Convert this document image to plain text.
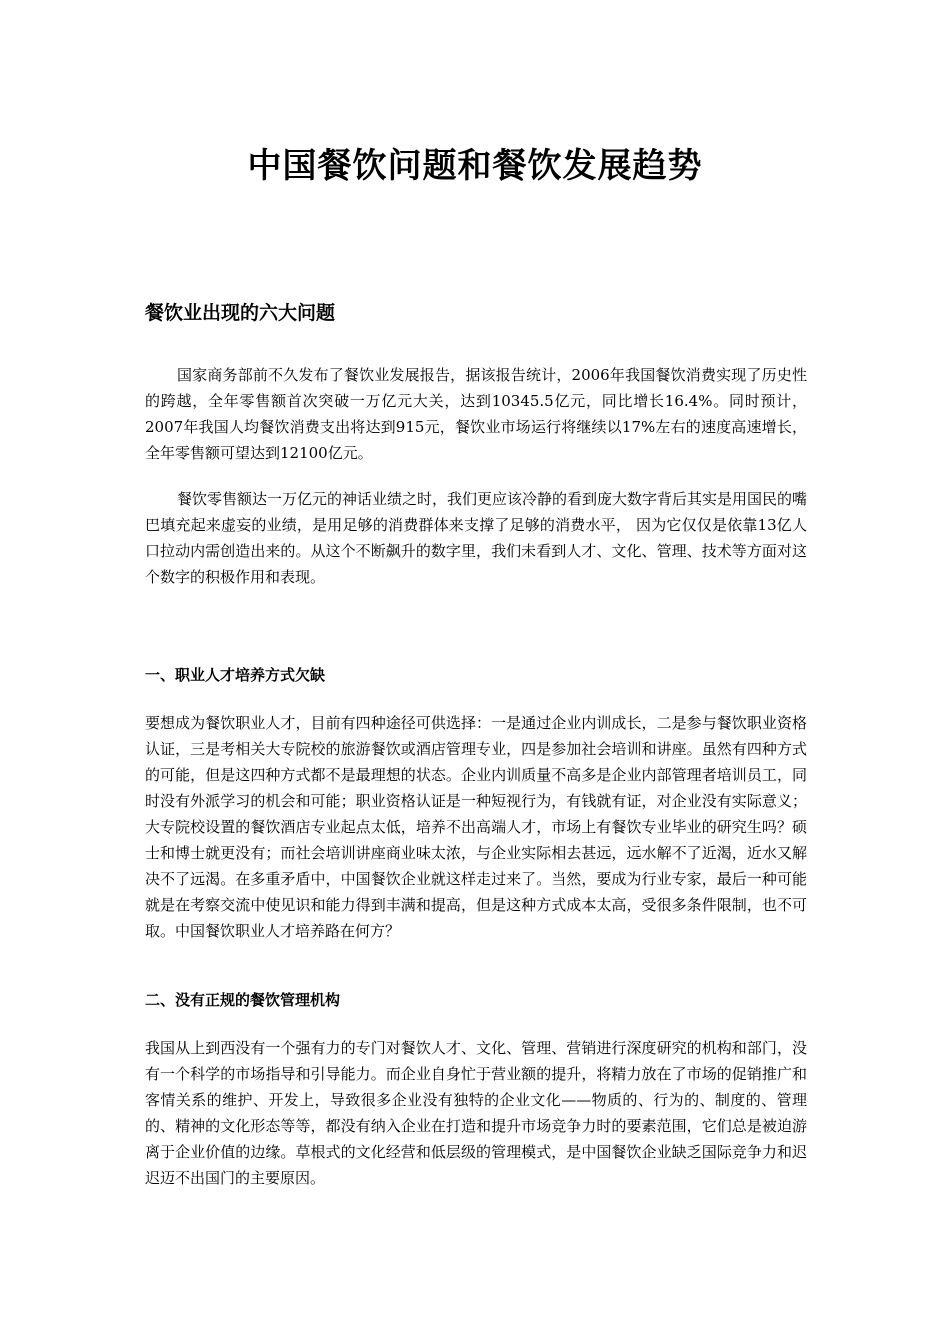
中国餐饮问题和餐饮发展趋势
餐饮业出现的六大问题

国家商务部前不久发布了餐饮业发展报告，据该报告统计，2006年我国餐饮消费实现了历史性的跨越，全年零售额首次突破一万亿元大关，达到10345.5亿元，同比增长16.4%。同时预计，2007年我国人均餐饮消费支出将达到915元，餐饮业市场运行将继续以17%左右的速度高速增长，全年零售额可望达到12100亿元。

餐饮零售额达一万亿元的神话业绩之时，我们更应该冷静的看到庞大数字背后其实是用国民的嘴巴填充起来虚妄的业绩，是用足够的消费群体来支撑了足够的消费水平， 因为它仅仅是依靠13亿人口拉动内需创造出来的。从这个不断飙升的数字里，我们未看到人才、文化、管理、技术等方面对这个数字的积极作用和表现。

一、职业人才培养方式欠缺

要想成为餐饮职业人才，目前有四种途径可供选择：一是通过企业内训成长，二是参与餐饮职业资格认证，三是考相关大专院校的旅游餐饮或酒店管理专业，四是参加社会培训和讲座。虽然有四种方式的可能，但是这四种方式都不是最理想的状态。企业内训质量不高多是企业内部管理者培训员工，同时没有外派学习的机会和可能；职业资格认证是一种短视行为，有钱就有证，对企业没有实际意义；大专院校设置的餐饮酒店专业起点太低，培养不出高端人才，市场上有餐饮专业毕业的研究生吗？硕士和博士就更没有；而社会培训讲座商业味太浓，与企业实际相去甚远，远水解不了近渴，近水又解决不了远渴。在多重矛盾中，中国餐饮企业就这样走过来了。当然，要成为行业专家，最后一种可能就是在考察交流中使见识和能力得到丰满和提高，但是这种方式成本太高，受很多条件限制，也不可取。中国餐饮职业人才培养路在何方？

二、没有正规的餐饮管理机构

我国从上到西没有一个强有力的专门对餐饮人才、文化、管理、营销进行深度研究的机构和部门，没有一个科学的市场指导和引导能力。而企业自身忙于营业额的提升，将精力放在了市场的促销推广和客情关系的维护、开发上，导致很多企业没有独特的企业文化——物质的、行为的、制度的、管理的、精神的文化形态等等，都没有纳入企业在打造和提升市场竞争力时的要素范围，它们总是被迫游离于企业价值的边缘。草根式的文化经营和低层级的管理模式，是中国餐饮企业缺乏国际竞争力和迟迟迈不出国门的主要原因。
